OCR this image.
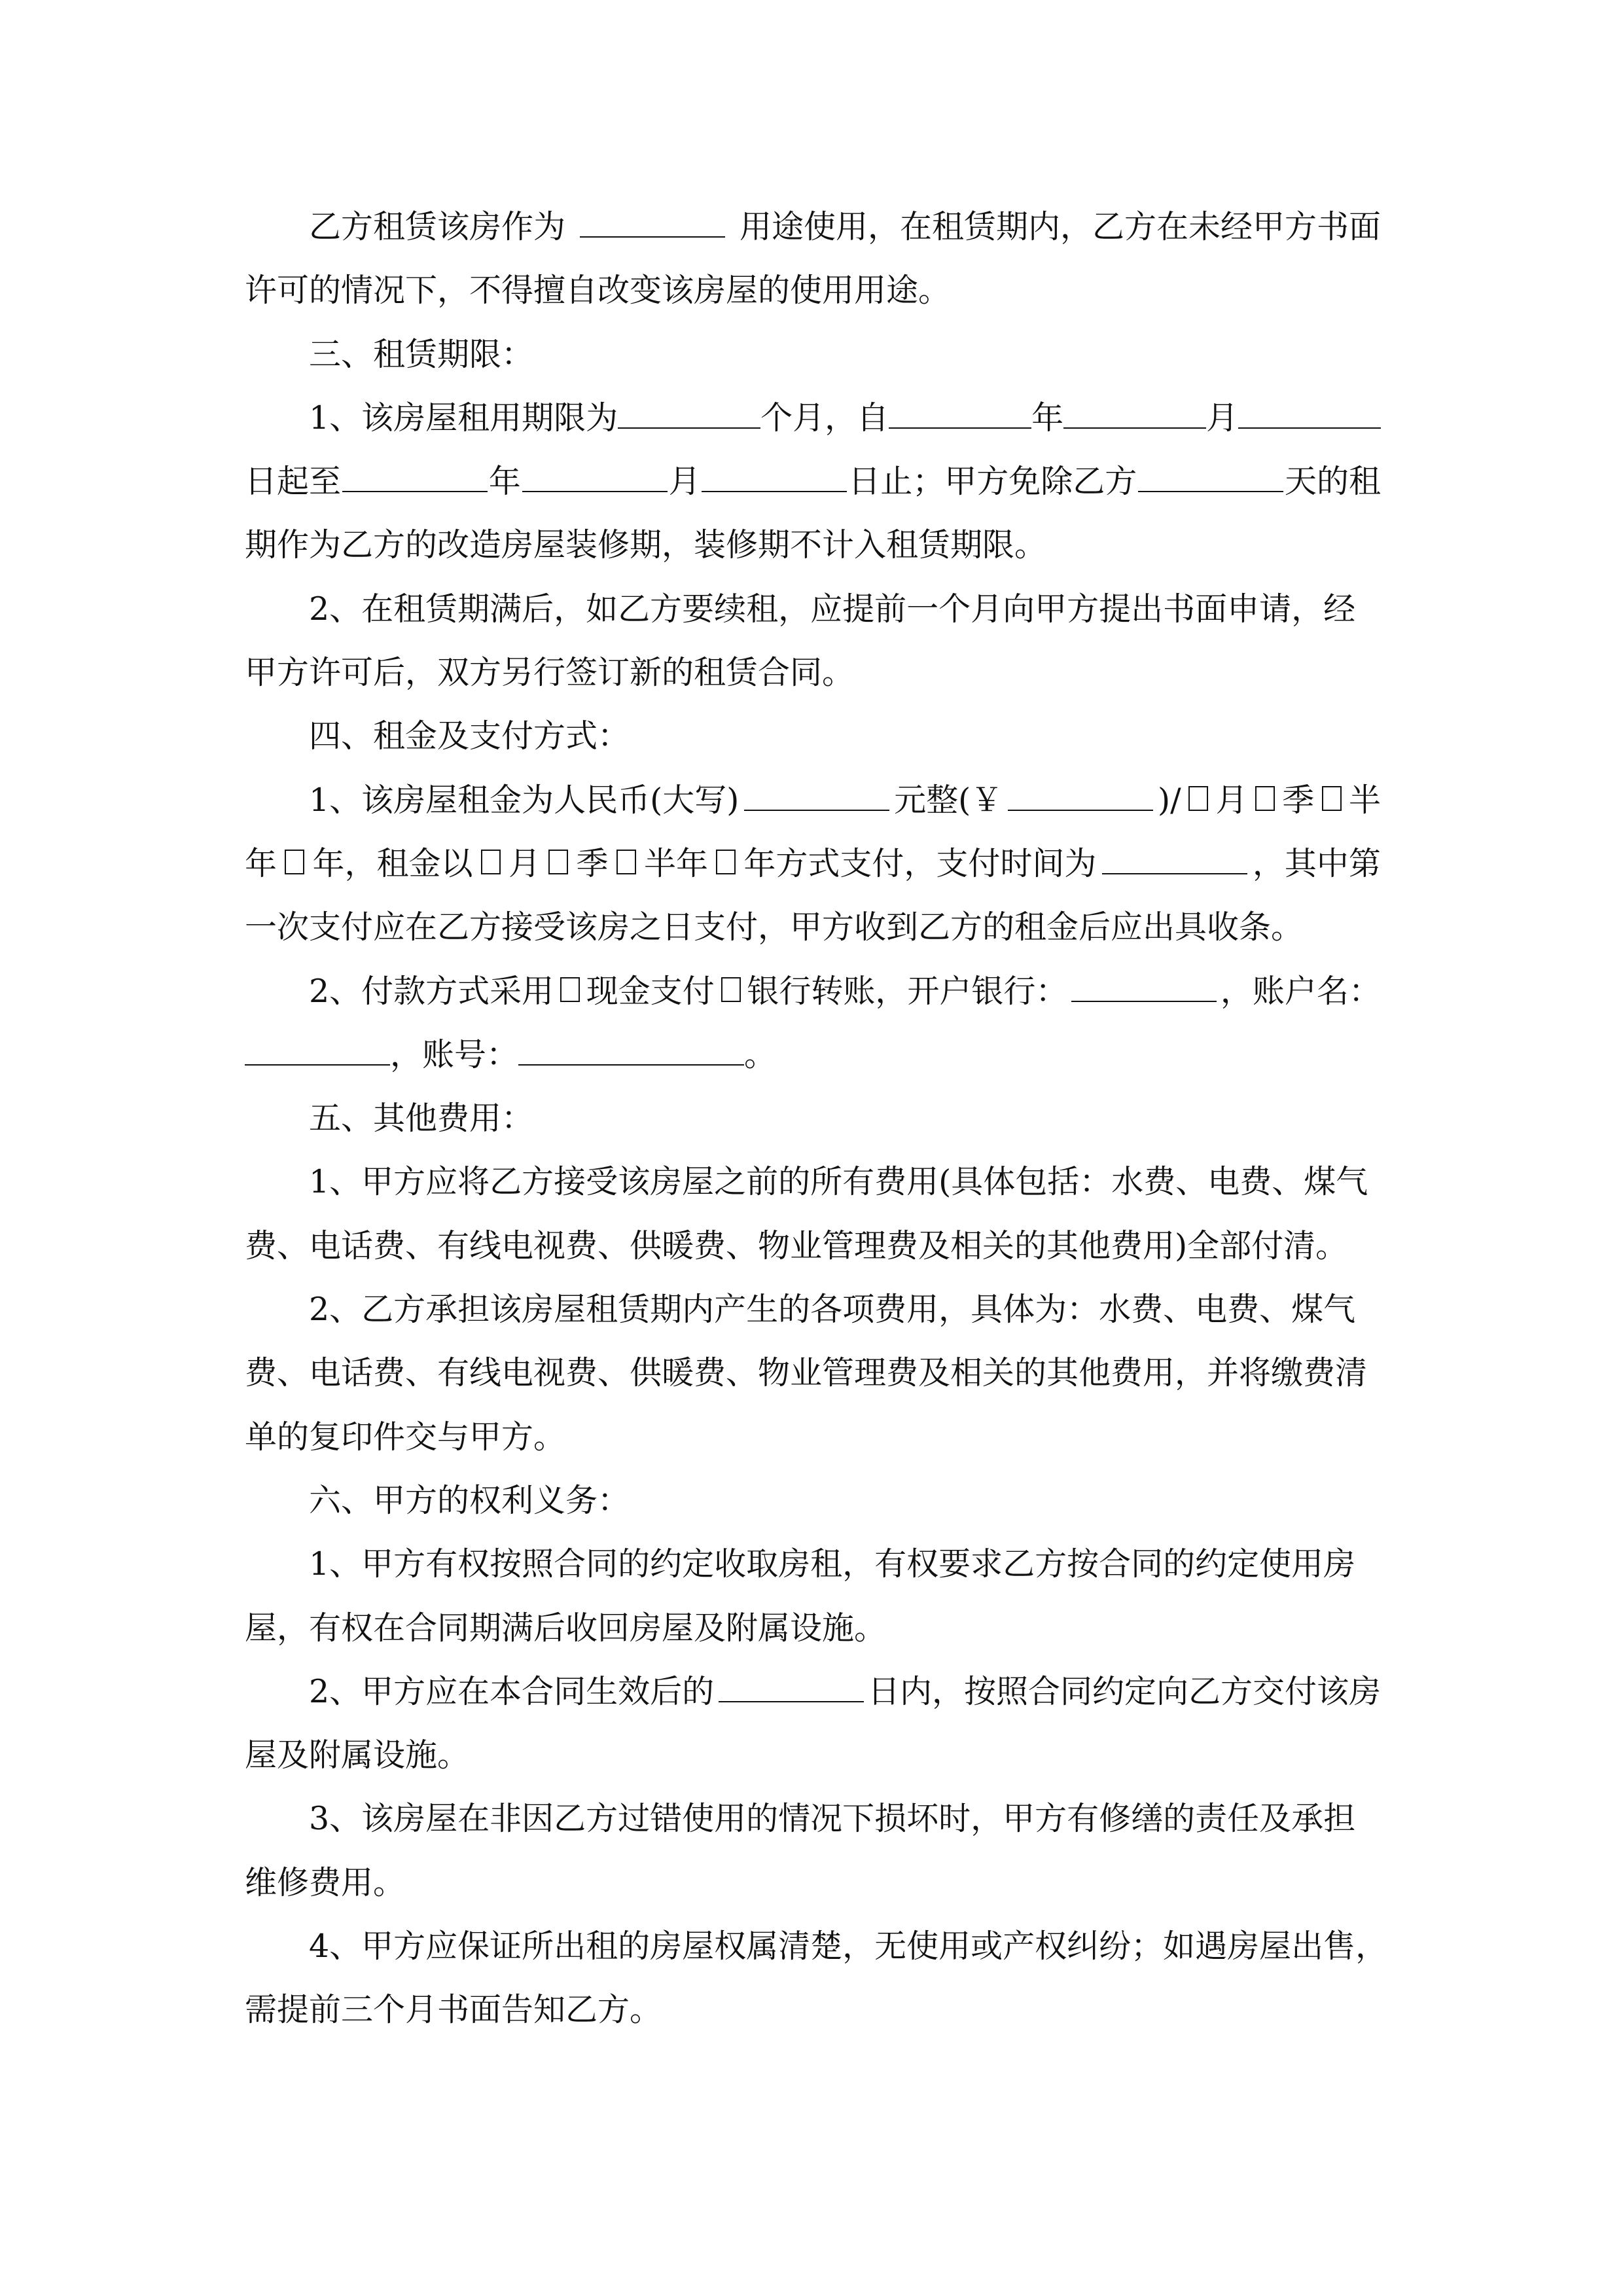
乙方租赁该房作为	用途使用，在租赁期内，乙方在未经甲方书面
许可的情况下，不得擅自改变该房屋的使用用途。
三、租赁期限：
1、该房屋租用期限为	个月，自	年	月
日起至	年	月	日止；甲方免除乙方	天的租
期作为乙方的改造房屋装修期，装修期不计入租赁期限。
2、在租赁期满后，如乙方要续租，应提前一个月向甲方提出书面申请，经
甲方许可后，双方另行签订新的租赁合同。
四、租金及支付方式：
1、该房屋租金为人民币(大写)	元整(￥	)/ 月 季 半
年 年，租金以 月 季 半年 年方式支付，支付时间为	，其中第
一次支付应在乙方接受该房之日支付，甲方收到乙方的租金后应出具收条。
2、付款方式采用 现金支付 银行转账，开户银行：	，账户名：
，账号：	。
五、其他费用：
1、甲方应将乙方接受该房屋之前的所有费用(具体包括：水费、电费、煤气
费、电话费、有线电视费、供暖费、物业管理费及相关的其他费用)全部付清。
2、乙方承担该房屋租赁期内产生的各项费用，具体为：水费、电费、煤气
费、电话费、有线电视费、供暖费、物业管理费及相关的其他费用，并将缴费清
单的复印件交与甲方。
六、甲方的权利义务：
1、甲方有权按照合同的约定收取房租，有权要求乙方按合同的约定使用房
屋，有权在合同期满后收回房屋及附属设施。
2、甲方应在本合同生效后的	日内，按照合同约定向乙方交付该房
屋及附属设施。
3、该房屋在非因乙方过错使用的情况下损坏时，甲方有修缮的责任及承担
维修费用。
4、甲方应保证所出租的房屋权属清楚，无使用或产权纠纷；如遇房屋出售，
需提前三个月书面告知乙方。
